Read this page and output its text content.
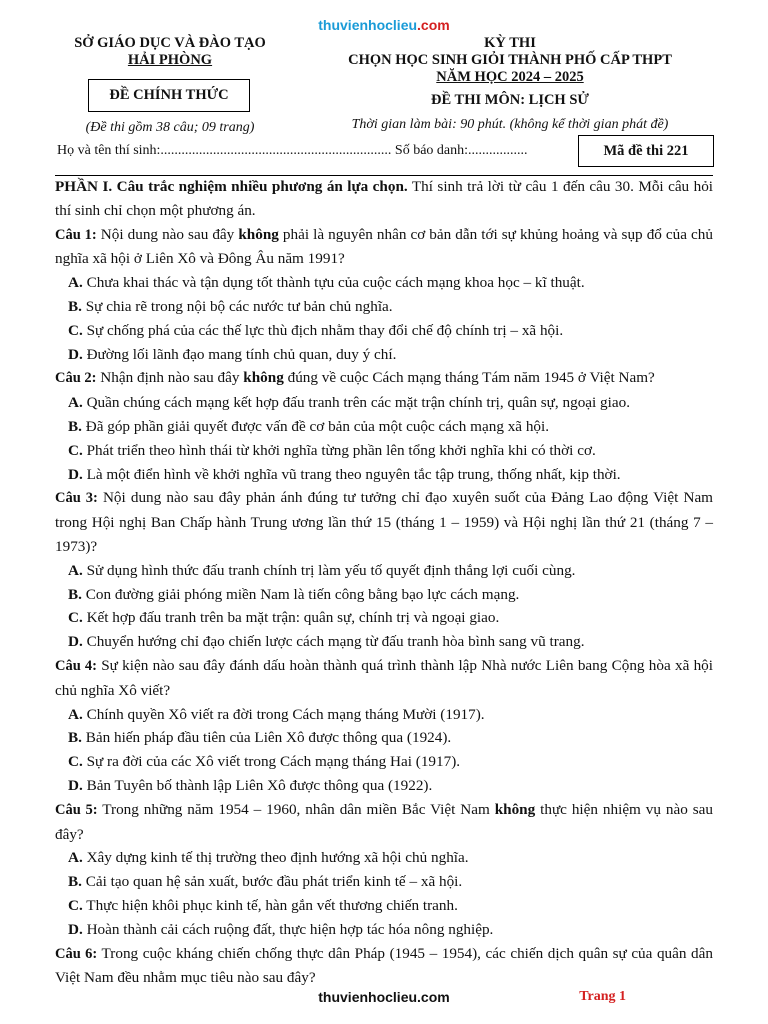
thuvienhoclieu.com
SỞ GIÁO DỤC VÀ ĐÀO TẠO
HẢI PHÒNG
ĐỀ CHÍNH THỨC
(Đề thi gồm 38 câu; 09 trang)
KỲ THI
CHỌN HỌC SINH GIỎI THÀNH PHỐ CẤP THPT
NĂM HỌC 2024 – 2025
ĐỀ THI MÔN: LỊCH SỬ
Thời gian làm bài: 90 phút. (không kể thời gian phát đề)
Họ và tên thí sinh:.................................................................. Số báo danh:.................	Mã đề thi 221

PHẦN I. Câu trắc nghiệm nhiều phương án lựa chọn. Thí sinh trả lời từ câu 1 đến câu 30. Mỗi câu hỏi thí sinh chỉ chọn một phương án.

Câu 1: Nội dung nào sau đây không phải là nguyên nhân cơ bản dẫn tới sự khủng hoảng và sụp đổ của chủ nghĩa xã hội ở Liên Xô và Đông Âu năm 1991?

A. Chưa khai thác và tận dụng tốt thành tựu của cuộc cách mạng khoa học – kĩ thuật.

B. Sự chia rẽ trong nội bộ các nước tư bản chủ nghĩa.

C. Sự chống phá của các thế lực thù địch nhằm thay đổi chế độ chính trị – xã hội.

D. Đường lối lãnh đạo mang tính chủ quan, duy ý chí.

Câu 2: Nhận định nào sau đây không đúng về cuộc Cách mạng tháng Tám năm 1945 ở Việt Nam?

A. Quần chúng cách mạng kết hợp đấu tranh trên các mặt trận chính trị, quân sự, ngoại giao.

B. Đã góp phần giải quyết được vấn đề cơ bản của một cuộc cách mạng xã hội.

C. Phát triển theo hình thái từ khởi nghĩa từng phần lên tổng khởi nghĩa khi có thời cơ.

D. Là một điển hình về khởi nghĩa vũ trang theo nguyên tắc tập trung, thống nhất, kịp thời.

Câu 3: Nội dung nào sau đây phản ánh đúng tư tưởng chỉ đạo xuyên suốt của Đảng Lao động Việt Nam trong Hội nghị Ban Chấp hành Trung ương lần thứ 15 (tháng 1 – 1959) và Hội nghị lần thứ 21 (tháng 7 – 1973)?

A. Sử dụng hình thức đấu tranh chính trị làm yếu tố quyết định thắng lợi cuối cùng.

B. Con đường giải phóng miền Nam là tiến công bằng bạo lực cách mạng.

C. Kết hợp đấu tranh trên ba mặt trận: quân sự, chính trị và ngoại giao.

D. Chuyển hướng chỉ đạo chiến lược cách mạng từ đấu tranh hòa bình sang vũ trang.

Câu 4: Sự kiện nào sau đây đánh dấu hoàn thành quá trình thành lập Nhà nước Liên bang Cộng hòa xã hội chủ nghĩa Xô viết?

A. Chính quyền Xô viết ra đời trong Cách mạng tháng Mười (1917).

B. Bản hiến pháp đầu tiên của Liên Xô được thông qua (1924).

C. Sự ra đời của các Xô viết trong Cách mạng tháng Hai (1917).

D. Bản Tuyên bố thành lập Liên Xô được thông qua (1922).

Câu 5: Trong những năm 1954 – 1960, nhân dân miền Bắc Việt Nam không thực hiện nhiệm vụ nào sau đây?

A. Xây dựng kinh tế thị trường theo định hướng xã hội chủ nghĩa.

B. Cải tạo quan hệ sản xuất, bước đầu phát triển kinh tế – xã hội.

C. Thực hiện khôi phục kinh tế, hàn gắn vết thương chiến tranh.

D. Hoàn thành cải cách ruộng đất, thực hiện hợp tác hóa nông nghiệp.

Câu 6: Trong cuộc kháng chiến chống thực dân Pháp (1945 – 1954), các chiến dịch quân sự của quân dân Việt Nam đều nhằm mục tiêu nào sau đây?

thuvienhoclieu.com	Trang 1
